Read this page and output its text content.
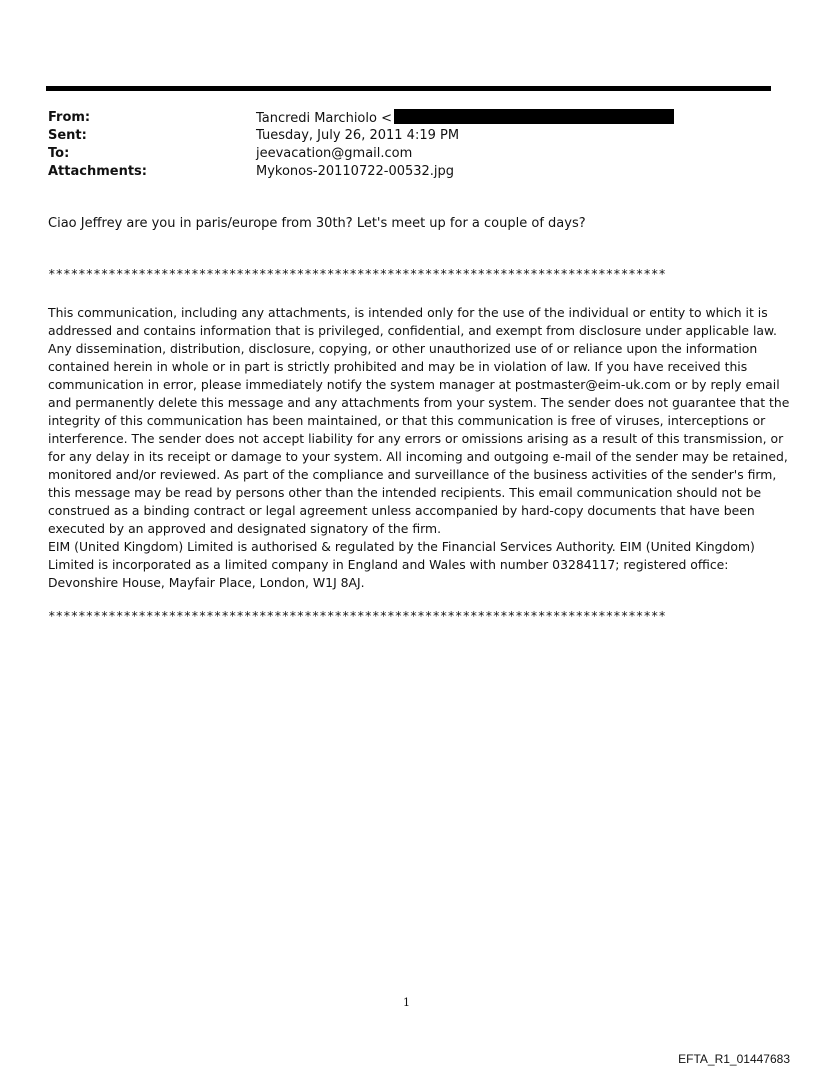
From:	Tancredi Marchiolo <
Sent:	Tuesday, July 26, 2011 4:19 PM
To:	jeevacation@gmail.com
Attachments:	Mykonos-20110722-00532.jpg
Ciao Jeffrey are you in paris/europe from 30th? Let's meet up for a couple of days?
**********************************************************************************
This communication, including any attachments, is intended only for the use of the individual or entity to which it is
addressed and contains information that is privileged, confidential, and exempt from disclosure under applicable law.
Any dissemination, distribution, disclosure, copying, or other unauthorized use of or reliance upon the information
contained herein in whole or in part is strictly prohibited and may be in violation of law. If you have received this
communication in error, please immediately notify the system manager at postmaster@eim-uk.com or by reply email
and permanently delete this message and any attachments from your system. The sender does not guarantee that the
integrity of this communication has been maintained, or that this communication is free of viruses, interceptions or
interference. The sender does not accept liability for any errors or omissions arising as a result of this transmission, or
for any delay in its receipt or damage to your system. All incoming and outgoing e-mail of the sender may be retained,
monitored and/or reviewed. As part of the compliance and surveillance of the business activities of the sender's firm,
this message may be read by persons other than the intended recipients. This email communication should not be
construed as a binding contract or legal agreement unless accompanied by hard-copy documents that have been
executed by an approved and designated signatory of the firm.
EIM (United Kingdom) Limited is authorised & regulated by the Financial Services Authority. EIM (United Kingdom)
Limited is incorporated as a limited company in England and Wales with number 03284117; registered office:
Devonshire House, Mayfair Place, London, W1J 8AJ.
**********************************************************************************
1
EFTA_R1_01447683
